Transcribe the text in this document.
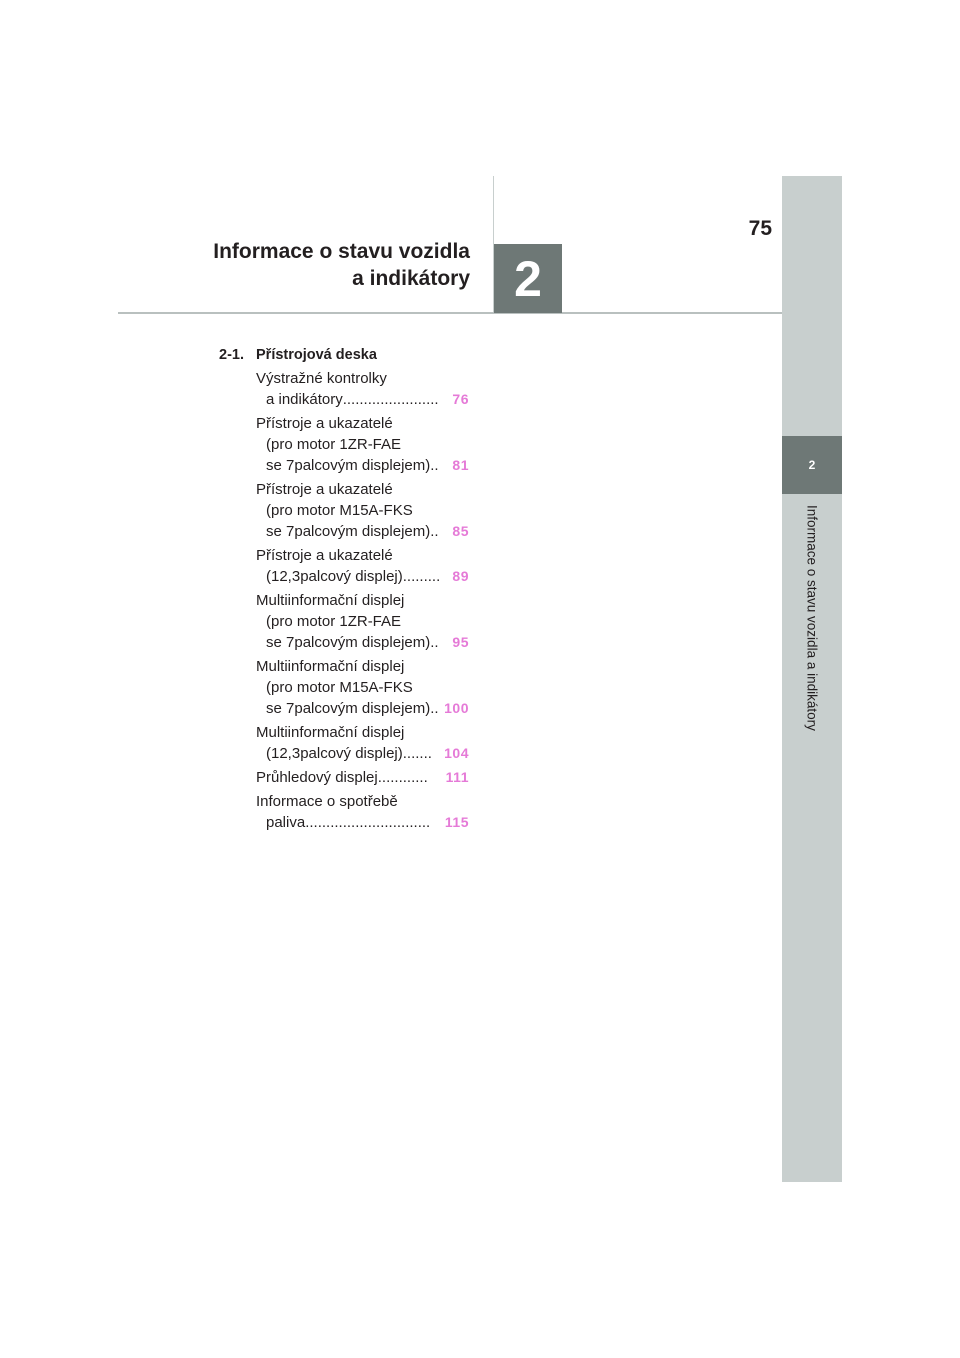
2
Informace o stavu vozidla a indikátory
2
75
Informace o stavu vozidla
a indikátory
2-1. Přístrojová deska
Výstražné kontrolky
a indikátory ....................... 76
Přístroje a ukazatelé
(pro motor 1ZR-FAE
se 7palcovým displejem) .. 81
Přístroje a ukazatelé
(pro motor M15A-FKS
se 7palcovým displejem) .. 85
Přístroje a ukazatelé
(12,3palcový displej) ......... 89
Multiinformační displej
(pro motor 1ZR-FAE
se 7palcovým displejem) .. 95
Multiinformační displej
(pro motor M15A-FKS
se 7palcovým displejem) .. 100
Multiinformační displej
(12,3palcový displej) ....... 104
Průhledový displej ............	111
Informace o spotřebě
paliva ..............................	115
